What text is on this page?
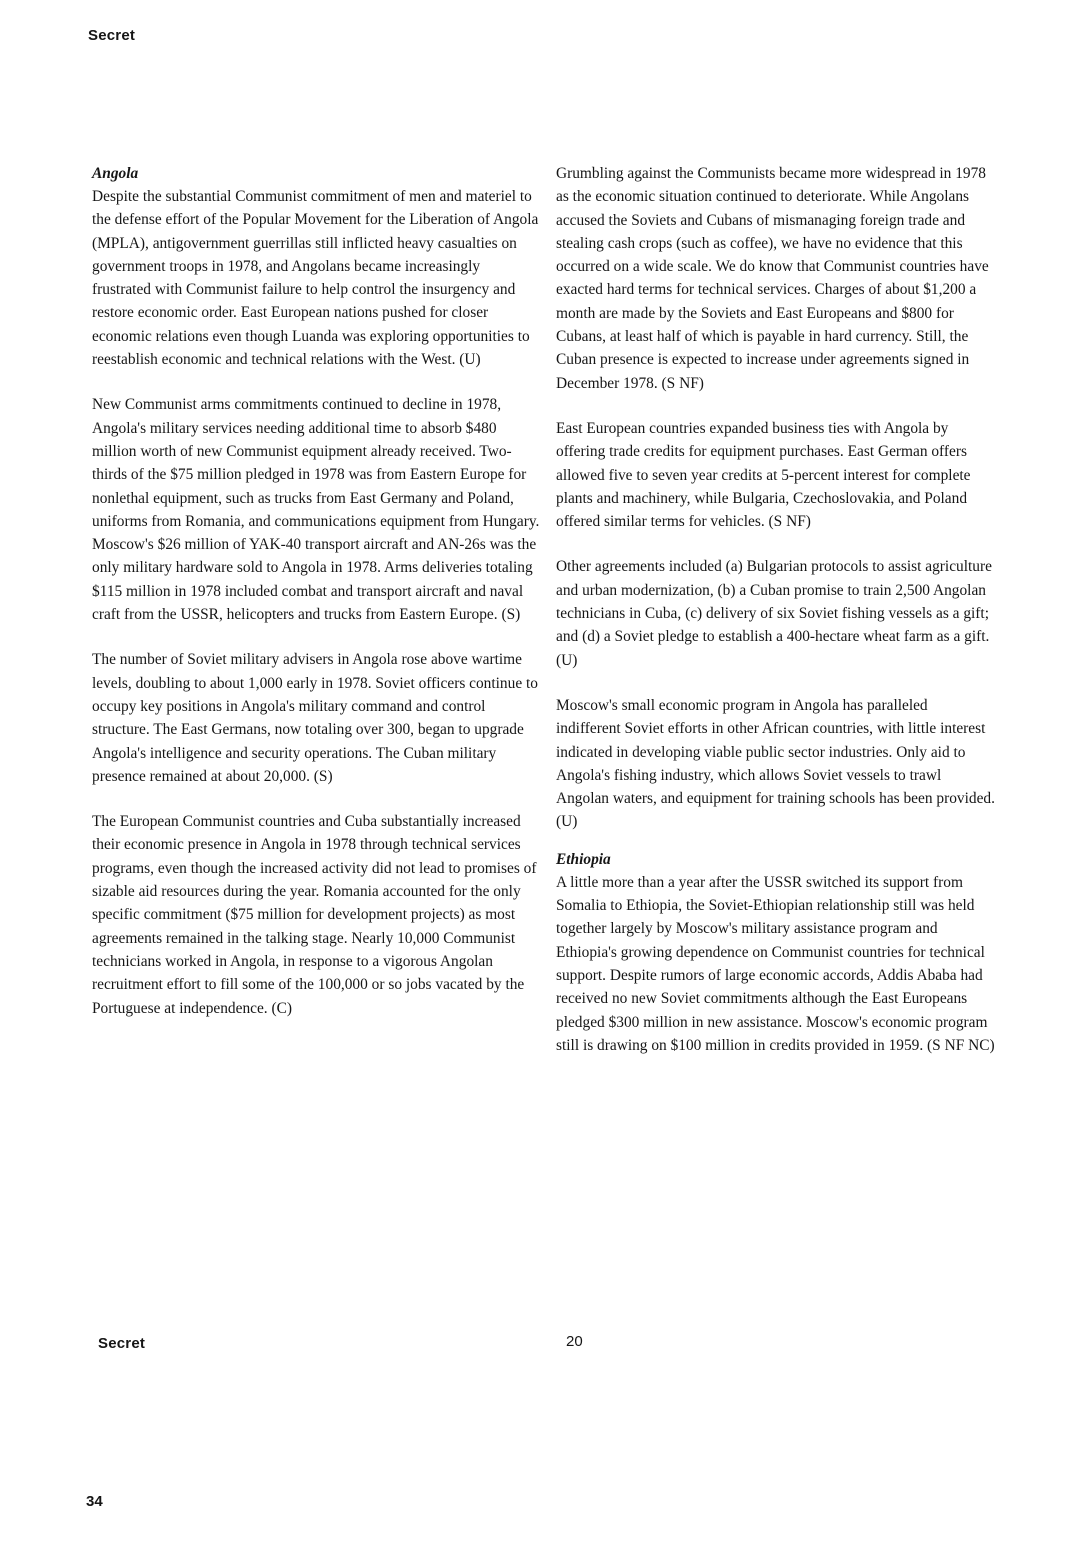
Secret
Angola

Despite the substantial Communist commitment of men and materiel to the defense effort of the Popular Movement for the Liberation of Angola (MPLA), antigovernment guerrillas still inflicted heavy casualties on government troops in 1978, and Angolans became increasingly frustrated with Communist failure to help control the insurgency and restore economic order. East European nations pushed for closer economic relations even though Luanda was exploring opportunities to reestablish economic and technical relations with the West. (U)

New Communist arms commitments continued to decline in 1978, Angola's military services needing additional time to absorb $480 million worth of new Communist equipment already received. Two-thirds of the $75 million pledged in 1978 was from Eastern Europe for nonlethal equipment, such as trucks from East Germany and Poland, uniforms from Romania, and communications equipment from Hungary. Moscow's $26 million of YAK-40 transport aircraft and AN-26s was the only military hardware sold to Angola in 1978. Arms deliveries totaling $115 million in 1978 included combat and transport aircraft and naval craft from the USSR, helicopters and trucks from Eastern Europe. (S)

The number of Soviet military advisers in Angola rose above wartime levels, doubling to about 1,000 early in 1978. Soviet officers continue to occupy key positions in Angola's military command and control structure. The East Germans, now totaling over 300, began to upgrade Angola's intelligence and security operations. The Cuban military presence remained at about 20,000. (S)

The European Communist countries and Cuba substantially increased their economic presence in Angola in 1978 through technical services programs, even though the increased activity did not lead to promises of sizable aid resources during the year. Romania accounted for the only specific commitment ($75 million for development projects) as most agreements remained in the talking stage. Nearly 10,000 Communist technicians worked in Angola, in response to a vigorous Angolan recruitment effort to fill some of the 100,000 or so jobs vacated by the Portuguese at independence. (C)

Grumbling against the Communists became more widespread in 1978 as the economic situation continued to deteriorate. While Angolans accused the Soviets and Cubans of mismanaging foreign trade and stealing cash crops (such as coffee), we have no evidence that this occurred on a wide scale. We do know that Communist countries have exacted hard terms for technical services. Charges of about $1,200 a month are made by the Soviets and East Europeans and $800 for Cubans, at least half of which is payable in hard currency. Still, the Cuban presence is expected to increase under agreements signed in December 1978. (S NF)

East European countries expanded business ties with Angola by offering trade credits for equipment purchases. East German offers allowed five to seven year credits at 5-percent interest for complete plants and machinery, while Bulgaria, Czechoslovakia, and Poland offered similar terms for vehicles. (S NF)

Other agreements included (a) Bulgarian protocols to assist agriculture and urban modernization, (b) a Cuban promise to train 2,500 Angolan technicians in Cuba, (c) delivery of six Soviet fishing vessels as a gift; and (d) a Soviet pledge to establish a 400-hectare wheat farm as a gift. (U)

Moscow's small economic program in Angola has paralleled indifferent Soviet efforts in other African countries, with little interest indicated in developing viable public sector industries. Only aid to Angola's fishing industry, which allows Soviet vessels to trawl Angolan waters, and equipment for training schools has been provided. (U)

Ethiopia

A little more than a year after the USSR switched its support from Somalia to Ethiopia, the Soviet-Ethiopian relationship still was held together largely by Moscow's military assistance program and Ethiopia's growing dependence on Communist countries for technical support. Despite rumors of large economic accords, Addis Ababa had received no new Soviet commitments although the East Europeans pledged $300 million in new assistance. Moscow's economic program still is drawing on $100 million in credits provided in 1959. (S NF NC)

Secret	20
34
